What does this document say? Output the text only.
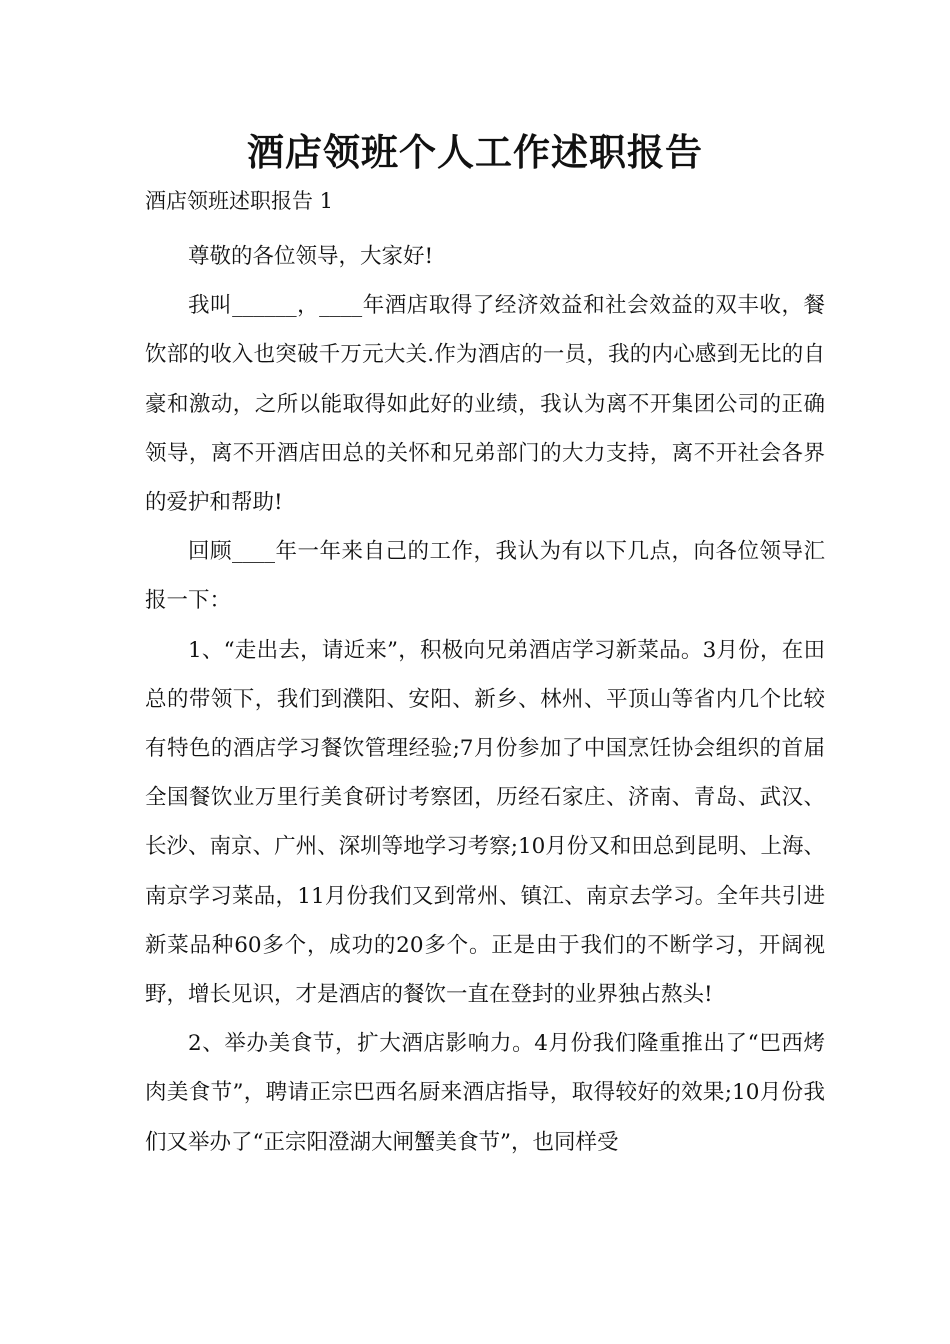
酒店领班个人工作述职报告

酒店领班述职报告 1

尊敬的各位领导，大家好!

我叫______，____年酒店取得了经济效益和社会效益的双丰收，餐饮部的收入也突破千万元大关.作为酒店的一员，我的内心感到无比的自豪和激动，之所以能取得如此好的业绩，我认为离不开集团公司的正确领导，离不开酒店田总的关怀和兄弟部门的大力支持，离不开社会各界的爱护和帮助!

回顾____年一年来自己的工作，我认为有以下几点，向各位领导汇报一下：

1、“走出去，请近来”，积极向兄弟酒店学习新菜品。3月份，在田总的带领下，我们到濮阳、安阳、新乡、林州、平顶山等省内几个比较有特色的酒店学习餐饮管理经验;7月份参加了中国烹饪协会组织的首届全国餐饮业万里行美食研讨考察团，历经石家庄、济南、青岛、武汉、长沙、南京、广州、深圳等地学习考察;10月份又和田总到昆明、上海、南京学习菜品，11月份我们又到常州、镇江、南京去学习。全年共引进新菜品种60多个，成功的20多个。正是由于我们的不断学习，开阔视野，增长见识，才是酒店的餐饮一直在登封的业界独占熬头!

2、举办美食节，扩大酒店影响力。4月份我们隆重推出了“巴西烤肉美食节”，聘请正宗巴西名厨来酒店指导，取得较好的效果;10月份我们又举办了“正宗阳澄湖大闸蟹美食节”，也同样受
